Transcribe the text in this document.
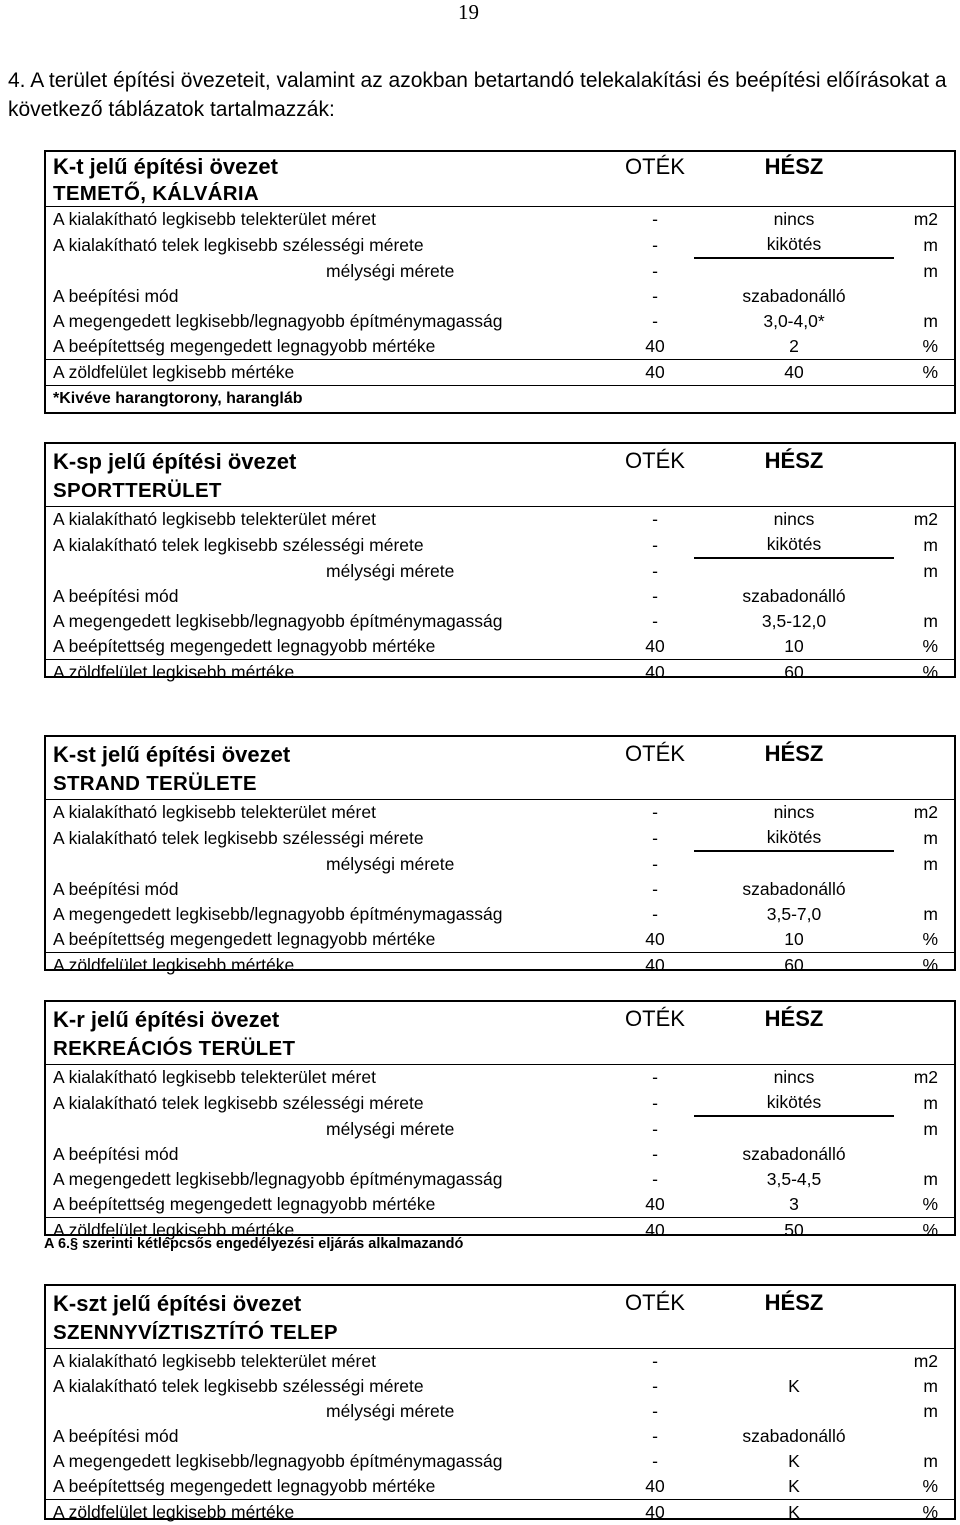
19

4. A terület építési övezeteit, valamint az azokban betartandó telekalakítási és beépítési előírásokat a következő táblázatok tartalmazzák:

K-t jelű építési övezet	OTÉK	HÉSZ	
TEMETŐ, KÁLVÁRIA			
A kialakítható legkisebb telekterület méret	-	nincs	m2
A kialakítható telek legkisebb szélességi mérete	-	kikötés	m
mélységi mérete	-		m
A beépítési mód	-	szabadonálló	
A megengedett legkisebb/legnagyobb építménymagasság	-	3,0-4,0*	m
A beépítettség megengedett legnagyobb mértéke	40	2	%
A zöldfelület legkisebb mértéke	40	40	%
*Kivéve harangtorony, harangláb			
K-sp jelű építési övezet	OTÉK	HÉSZ	
SPORTTERÜLET			
A kialakítható legkisebb telekterület méret	-	nincs	m2
A kialakítható telek legkisebb szélességi mérete	-	kikötés	m
mélységi mérete	-		m
A beépítési mód	-	szabadonálló	
A megengedett legkisebb/legnagyobb építménymagasság	-	3,5-12,0	m
A beépítettség megengedett legnagyobb mértéke	40	10	%
A zöldfelület legkisebb mértéke	40	60	%
K-st jelű építési övezet	OTÉK	HÉSZ	
STRAND TERÜLETE			
A kialakítható legkisebb telekterület méret	-	nincs	m2
A kialakítható telek legkisebb szélességi mérete	-	kikötés	m
mélységi mérete	-		m
A beépítési mód	-	szabadonálló	
A megengedett legkisebb/legnagyobb építménymagasság	-	3,5-7,0	m
A beépítettség megengedett legnagyobb mértéke	40	10	%
A zöldfelület legkisebb mértéke	40	60	%
K-r jelű építési övezet	OTÉK	HÉSZ	
REKREÁCIÓS TERÜLET			
A kialakítható legkisebb telekterület méret	-	nincs	m2
A kialakítható telek legkisebb szélességi mérete	-	kikötés	m
mélységi mérete	-		m
A beépítési mód	-	szabadonálló	
A megengedett legkisebb/legnagyobb építménymagasság	-	3,5-4,5	m
A beépítettség megengedett legnagyobb mértéke	40	3	%
A zöldfelület legkisebb mértéke	40	50	%
A 6.§ szerinti kétlépcsős engedélyezési eljárás alkalmazandó
K-szt jelű építési övezet	OTÉK	HÉSZ	
SZENNYVÍZTISZTÍTÓ TELEP			
A kialakítható legkisebb telekterület méret	-		m2
A kialakítható telek legkisebb szélességi mérete	-	K	m
mélységi mérete	-		m
A beépítési mód	-	szabadonálló	
A megengedett legkisebb/legnagyobb építménymagasság	-	K	m
A beépítettség megengedett legnagyobb mértéke	40	K	%
A zöldfelület legkisebb mértéke	40	K	%
